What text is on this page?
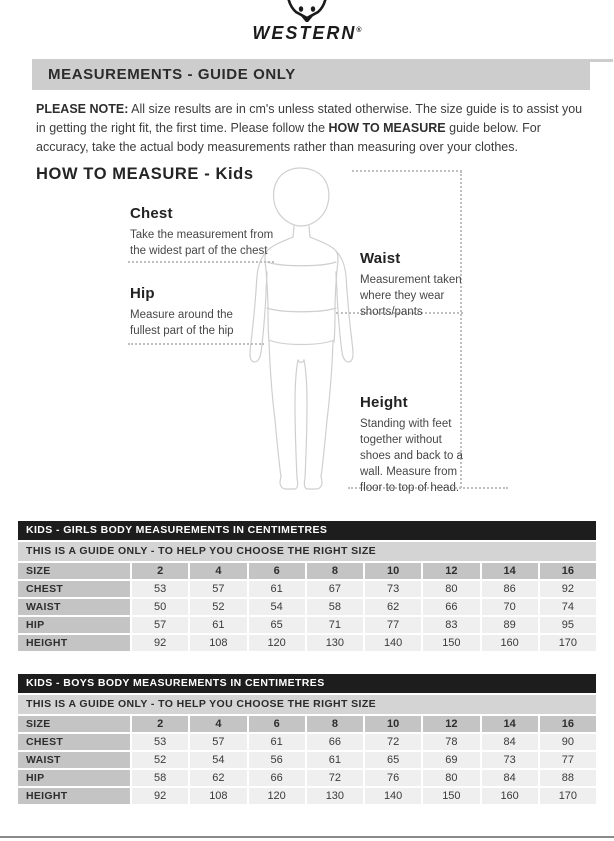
WESTERN®
MEASUREMENTS - GUIDE ONLY

PLEASE NOTE: All size results are in cm's unless stated otherwise. The size guide is to assist you in getting the right fit, the first time. Please follow the HOW TO MEASURE guide below. For accuracy, take the actual body measurements rather than measuring over your clothes.

HOW TO MEASURE - Kids
Chest

Take the measurement from the widest part of the chest

Hip

Measure around the fullest part of the hip

Waist

Measurement taken where they wear shorts/pants

Height

Standing with feet together without shoes and back to a wall. Measure from floor to top of head.

KIDS - GIRLS BODY MEASUREMENTS IN CENTIMETRES
THIS IS A GUIDE ONLY - TO HELP YOU CHOOSE THE RIGHT SIZE
SIZE	2	4	6	8	10	12	14	16
CHEST	53	57	61	67	73	80	86	92
WAIST	50	52	54	58	62	66	70	74
HIP	57	61	65	71	77	83	89	95
HEIGHT	92	108	120	130	140	150	160	170
KIDS - BOYS BODY MEASUREMENTS IN CENTIMETRES
THIS IS A GUIDE ONLY - TO HELP YOU CHOOSE THE RIGHT SIZE
SIZE	2	4	6	8	10	12	14	16
CHEST	53	57	61	66	72	78	84	90
WAIST	52	54	56	61	65	69	73	77
HIP	58	62	66	72	76	80	84	88
HEIGHT	92	108	120	130	140	150	160	170
